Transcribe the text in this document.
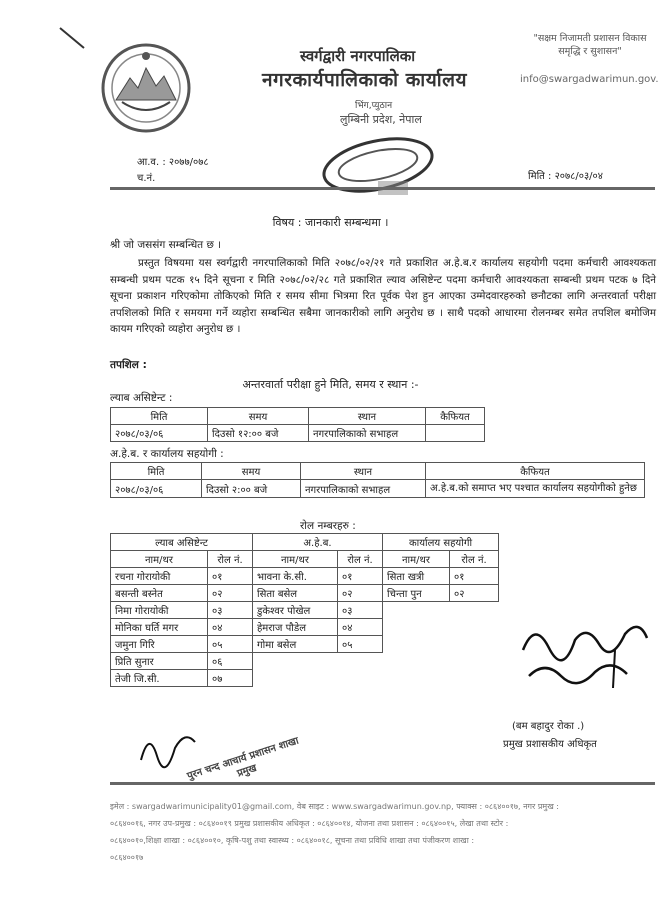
स्वर्गद्वारी नगरपालिका
नगरकार्यपालिकाको कार्यालय
भिंग,प्युठान
लुम्बिनी प्रदेश, नेपाल
"सक्षम निजामती प्रशासन विकास समृद्धि र सुशासन"
info@swargadwarimun.gov.
आ.व. : २०७७/०७८
च.नं.	मिति : २०७८/०३/०४
विषय : जानकारी सम्बन्धमा ।
श्री जो जससंग सम्बन्धित छ ।

प्रस्तुत विषयमा यस स्वर्गद्वारी नगरपालिकाको मिति २०७८/०२/२१ गते प्रकाशित अ.हे.ब.र कार्यालय सहयोगी पदमा कर्मचारी आवश्यकता सम्बन्धी प्रथम पटक १५ दिने सूचना र मिति २०७८/०२/२८ गते प्रकाशित ल्याव असिष्टेन्ट पदमा कर्मचारी आवश्यकता सम्बन्धी प्रथम पटक ७ दिने सूचना प्रकाशन गरिएकोमा तोकिएको मिति र समय सीमा भित्रमा रित पूर्वक पेश हुन आएका उम्मेदवारहरुको छनौटका लागि अन्तरवार्ता परीक्षा तपशिलको मिति र समयमा गर्ने व्यहोरा सम्बन्धित सबैमा जानकारीको लागि अनुरोध छ । साथै पदको आधारमा रोलनम्बर समेत तपशिल बमोजिम कायम गरिएको व्यहोरा अनुरोध छ ।

तपशिल :
अन्तरवार्ता परीक्षा हुने मिति, समय र स्थान :-
ल्याब असिष्टेन्ट :
मिति	समय	स्थान	कैफियत
२०७८/०३/०६	दिउसो १२:०० बजे	नगरपालिकाको सभाहल	
अ.हे.ब. र कार्यालय सहयोगी :
मिति	समय	स्थान	कैफियत
२०७८/०३/०६	दिउसो २:०० बजे	नगरपालिकाको सभाहल	अ.हे.ब.को समाप्त भए पश्चात कार्यालय सहयोगीको हुनेछ
रोल नम्बरहरु :
ल्याब असिष्टेन्ट		अ.हे.ब.		कार्यालय सहयोगी	
नाम/थर	रोल नं.	नाम/थर	रोल नं.	नाम/थर	रोल नं.
रचना गोरायोकी	०१	भावना के.सी.	०१	सिता खत्री	०१
बसन्ती बस्नेत	०२	सिता बसेल	०२	चिन्ता पुन	०२
निमा गोरायोकी	०३	डुकेश्वर पोखेल	०३		
मोनिका घर्ति मगर	०४	हेमराज पौडेल	०४		
जमुना गिरि	०५	गोमा बसेल	०५		
प्रिति सुनार	०६				
तेजी जि.सी.	०७				
(बम बहादुर रोका .)
प्रमुख प्रशासकीय अधिकृत
पुरन चन्द आचार्य प्रशासन शाखा प्रमुख
इमेल : swargadwarimunicipality01@gmail.com, वेब साइट : www.swargadwarimun.gov.np, फ्याक्स : ०८६४००१७, नगर प्रमुख :
०८६४००१६, नगर उप-प्रमुख : ०८६४००१९ प्रमुख प्रशासकीय अधिकृत : ०८६४००१४, योजना तथा प्रशासन : ०८६४००१५, लेखा तथा स्टोर :
०८६४००१०,शिक्षा शाखा : ०८६४००१०, कृषि-पशु तथा स्वास्थ्य : ०८६४००१८, सूचना तथा प्रविधि शाखा तथा पंजीकरण शाखा :
०८६४००१७
